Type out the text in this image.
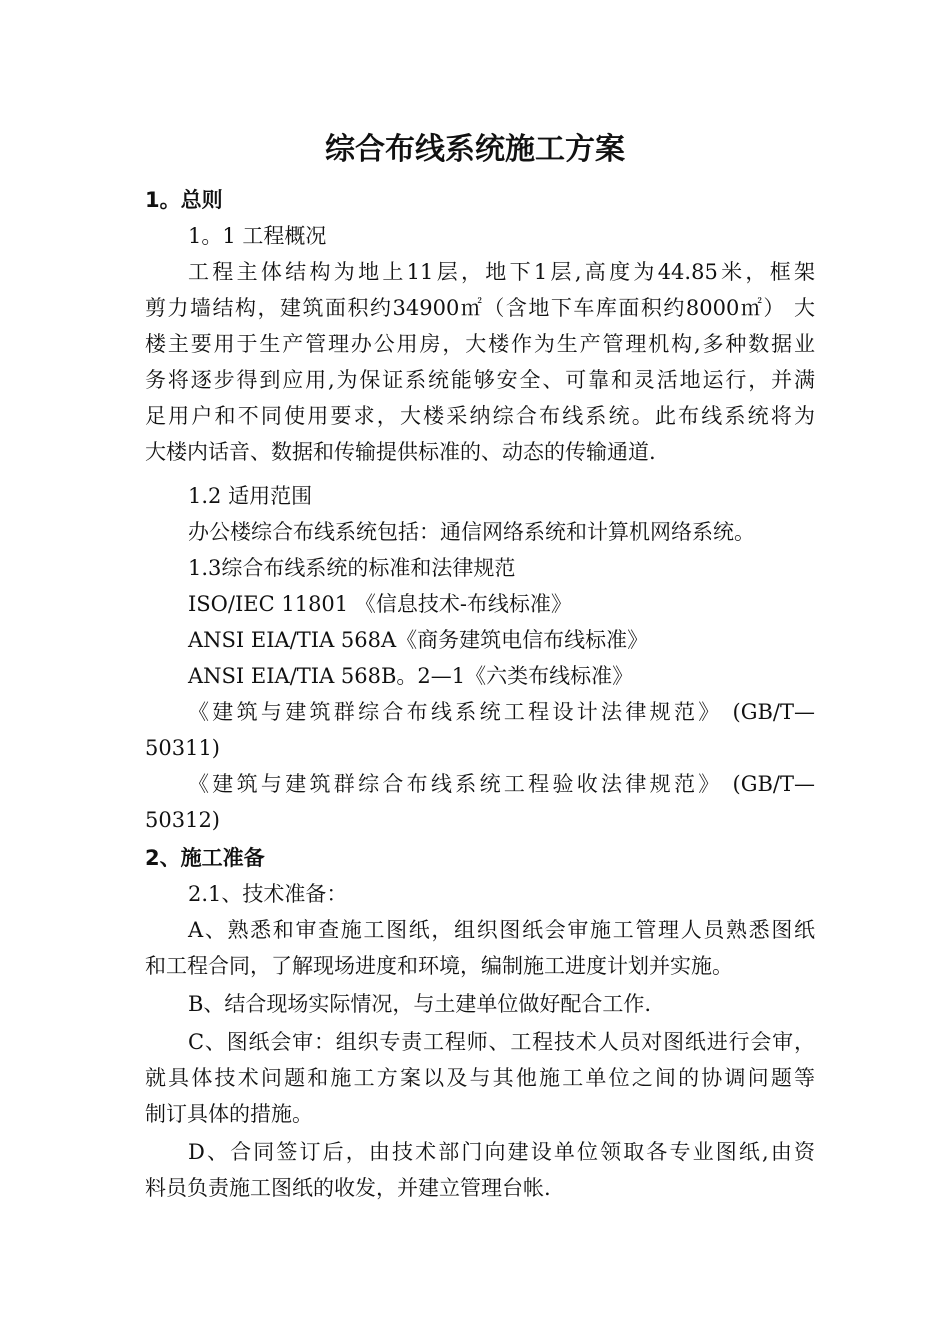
综合布线系统施工方案
1。总则
1。1 工程概况
工程主体结构为地上11层，地下1层,高度为44.85米，框架
剪力墙结构，建筑面积约34900㎡（含地下车库面积约8000㎡） 大
楼主要用于生产管理办公用房，大楼作为生产管理机构,多种数据业
务将逐步得到应用,为保证系统能够安全、可靠和灵活地运行，并满
足用户和不同使用要求，大楼采纳综合布线系统。此布线系统将为
大楼内话音、数据和传输提供标准的、动态的传输通道.
1.2 适用范围
办公楼综合布线系统包括：通信网络系统和计算机网络系统。
1.3综合布线系统的标准和法律规范
ISO/IEC 11801 《信息技术-布线标准》
ANSI EIA/TIA 568A《商务建筑电信布线标准》
ANSI EIA/TIA 568B。2—1《六类布线标准》
《建筑与建筑群综合布线系统工程设计法律规范》 (GB/T—
50311)
《建筑与建筑群综合布线系统工程验收法律规范》 (GB/T—
50312)
2、施工准备
2.1、技术准备：
A、熟悉和审查施工图纸，组织图纸会审施工管理人员熟悉图纸
和工程合同，了解现场进度和环境，编制施工进度计划并实施。
B、结合现场实际情况，与土建单位做好配合工作.
C、图纸会审：组织专责工程师、工程技术人员对图纸进行会审，
就具体技术问题和施工方案以及与其他施工单位之间的协调问题等
制订具体的措施。
D、合同签订后，由技术部门向建设单位领取各专业图纸,由资
料员负责施工图纸的收发，并建立管理台帐.
